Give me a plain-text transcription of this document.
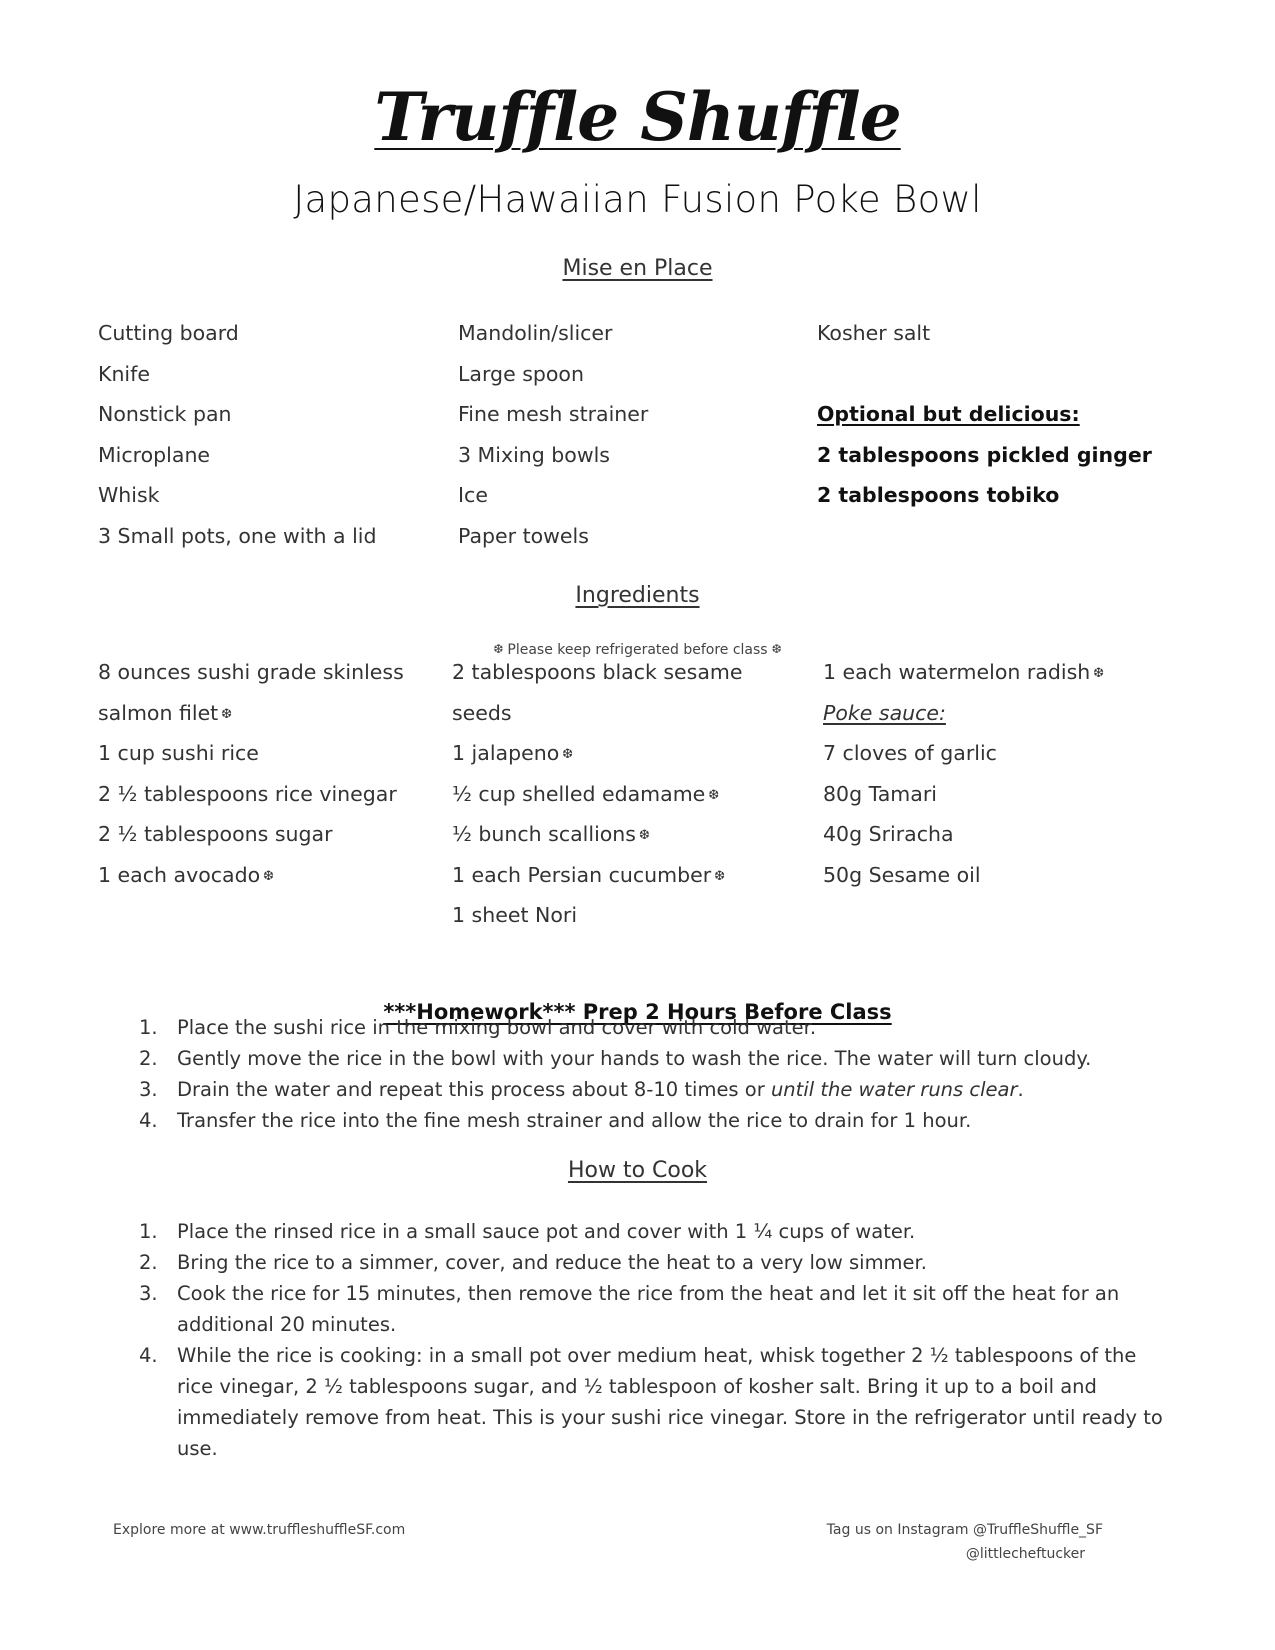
Truffle Shuffle
Japanese/Hawaiian Fusion Poke Bowl
Mise en Place
Cutting board
Knife
Nonstick pan
Microplane
Whisk
3 Small pots, one with a lid
Mandolin/slicer
Large spoon
Fine mesh strainer
3 Mixing bowls
Ice
Paper towels
Kosher salt
Optional but delicious:
2 tablespoons pickled ginger
2 tablespoons tobiko
Ingredients
❆ Please keep refrigerated before class ❆
8 ounces sushi grade skinless
salmon filet ❆
1 cup sushi rice
2 ½ tablespoons rice vinegar
2 ½ tablespoons sugar
1 each avocado ❆
2 tablespoons black sesame
seeds
1 jalapeno ❆
½ cup shelled edamame ❆
½ bunch scallions ❆
1 each Persian cucumber ❆
1 sheet Nori
1 each watermelon radish ❆
Poke sauce:
7 cloves of garlic
80g Tamari
40g Sriracha
50g Sesame oil
***Homework*** Prep 2 Hours Before Class
1. Place the sushi rice in the mixing bowl and cover with cold water.
2. Gently move the rice in the bowl with your hands to wash the rice. The water will turn cloudy.
3. Drain the water and repeat this process about 8-10 times or until the water runs clear.
4. Transfer the rice into the fine mesh strainer and allow the rice to drain for 1 hour.
How to Cook
1. Place the rinsed rice in a small sauce pot and cover with 1 ¼ cups of water.
2. Bring the rice to a simmer, cover, and reduce the heat to a very low simmer.
3. Cook the rice for 15 minutes, then remove the rice from the heat and let it sit off the heat for an additional 20 minutes.
4. While the rice is cooking: in a small pot over medium heat, whisk together 2 ½ tablespoons of the rice vinegar, 2 ½ tablespoons sugar, and ½ tablespoon of kosher salt. Bring it up to a boil and immediately remove from heat. This is your sushi rice vinegar. Store in the refrigerator until ready to use.
Explore more at www.truffleshuffleSF.com	Tag us on Instagram @TruffleShuffle_SF
@littlecheftucker
